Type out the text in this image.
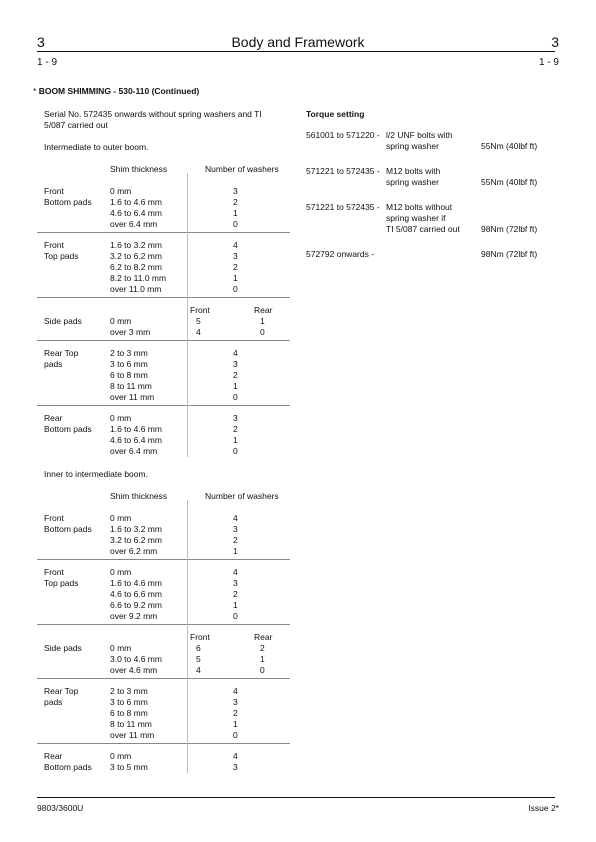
3	Body and Framework	3
1 - 9	1 - 9
* BOOM SHIMMING - 530-110 (Continued)
Serial No. 572435 onwards without spring washers and TI
5/087 carried out
Intermediate to outer boom.
Shim thickness	Number of washers
Front
Bottom pads
0 mm	3
1.6 to 4.6 mm	2
4.6 to 6.4 mm	1
over 6.4 mm	0
Front
Top pads
1.6 to 3.2 mm	4
3.2 to 6.2 mm	3
6.2 to 8.2 mm	2
8.2 to 11.0 mm	1
over 11.0 mm	0
Front	Rear
Side pads	0 mm	5	1
over 3 mm	4	0
Rear Top
pads
2 to 3 mm	4
3 to 6 mm	3
6 to 8 mm	2
8 to 11 mm	1
over 11 mm	0
Rear
Bottom pads
0 mm	3
1.6 to 4.6 mm	2
4.6 to 6.4 mm	1
over 6.4 mm	0
Inner to intermediate boom.
Shim thickness	Number of washers
Front
Bottom pads
0 mm	4
1.6 to 3.2 mm	3
3.2 to 6.2 mm	2
over 6.2 mm	1
Front
Top pads
0 mm	4
1.6 to 4.6 mm	3
4.6 to 6.6 mm	2
6.6 to 9.2 mm	1
over 9.2 mm	0
Front	Rear
Side pads	0 mm	6	2
3.0 to 4.6 mm	5	1
over 4.6 mm	4	0
Rear Top
pads
2 to 3 mm	4
3 to 6 mm	3
6 to 8 mm	2
8 to 11 mm	1
over 11 mm	0
Rear
Bottom pads
0 mm	4
3 to 5 mm	3
Torque setting
561001 to 571220 - l/2 UNF bolts with
spring washer	55Nm (40lbf ft)
571221 to 572435 - M12 bolts with
spring washer	55Nm (40lbf ft)
571221 to 572435 - M12 bolts without
spring washer if
TI 5/087 carried out	98Nm (72lbf ft)
572792 onwards -	98Nm (72lbf ft)
9803/3600U	Issue 2*
